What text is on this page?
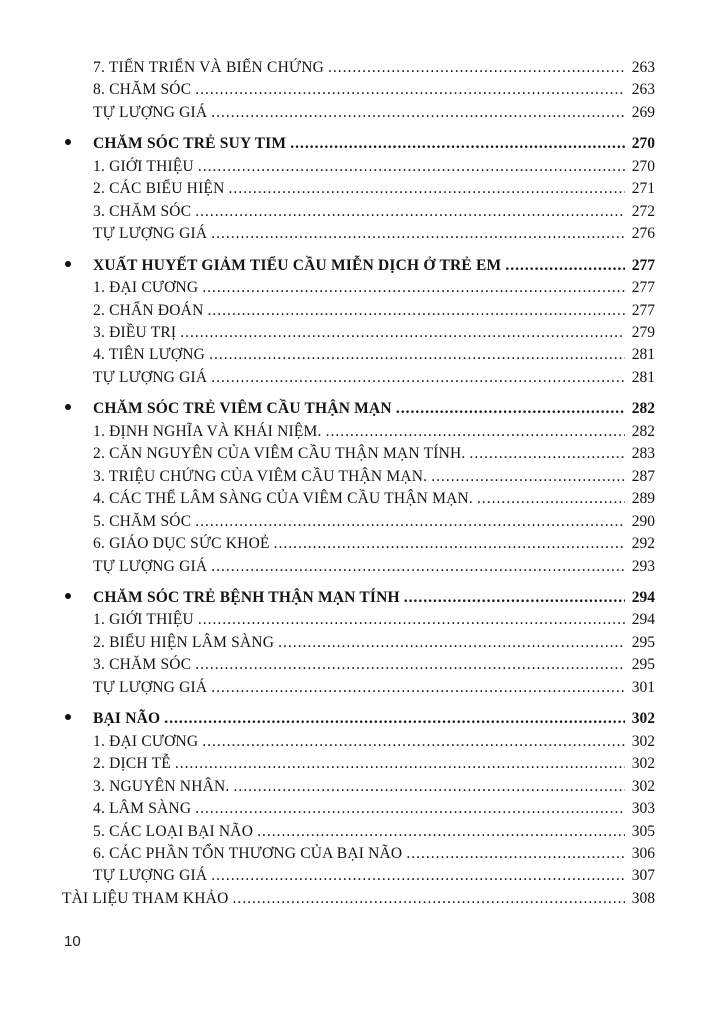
7. TIẾN TRIỂN VÀ BIẾN CHỨNG .....	263
8. CHĂM SÓC .....	263
TỰ LƯỢNG GIÁ .....	269
CHĂM SÓC TRẺ SUY TIM .....	270
1. GIỚI THIỆU .....	270
2. CÁC BIỂU HIỆN .....	271
3. CHĂM SÓC .....	272
TỰ LƯỢNG GIÁ .....	276
XUẤT HUYẾT GIẢM TIỂU CẦU MIỄN DỊCH Ở TRẺ EM .....	277
1. ĐẠI CƯƠNG .....	277
2. CHẨN ĐOÁN .....	277
3. ĐIỀU TRỊ .....	279
4. TIÊN LƯỢNG .....	281
TỰ LƯỢNG GIÁ .....	281
CHĂM SÓC TRẺ VIÊM CẦU THẬN MẠN .....	282
1. ĐỊNH NGHĨA VÀ KHÁI NIỆM. .....	282
2. CĂN NGUYÊN CỦA VIÊM CẦU THẬN MẠN TÍNH. .....	283
3. TRIỆU CHỨNG CỦA VIÊM CẦU THẬN MẠN. .....	287
4. CÁC THỂ LÂM SÀNG CỦA VIÊM CẦU THẬN MẠN. .....	289
5. CHĂM SÓC .....	290
6. GIÁO DỤC SỨC KHOẺ .....	292
TỰ LƯỢNG GIÁ .....	293
CHĂM SÓC TRẺ BỆNH THẬN MẠN TÍNH .....	294
1. GIỚI THIỆU .....	294
2. BIỂU HIỆN LÂM SÀNG .....	295
3. CHĂM SÓC .....	295
TỰ LƯỢNG GIÁ .....	301
BẠI NÃO .....	302
1. ĐẠI CƯƠNG .....	302
2. DỊCH TỄ .....	302
3. NGUYÊN NHÂN. .....	302
4. LÂM SÀNG .....	303
5. CÁC LOẠI BẠI NÃO .....	305
6. CÁC PHẦN TỔN THƯƠNG CỦA BẠI NÃO .....	306
TỰ LƯỢNG GIÁ .....	307
TÀI LIỆU THAM KHẢO .....	308
10
